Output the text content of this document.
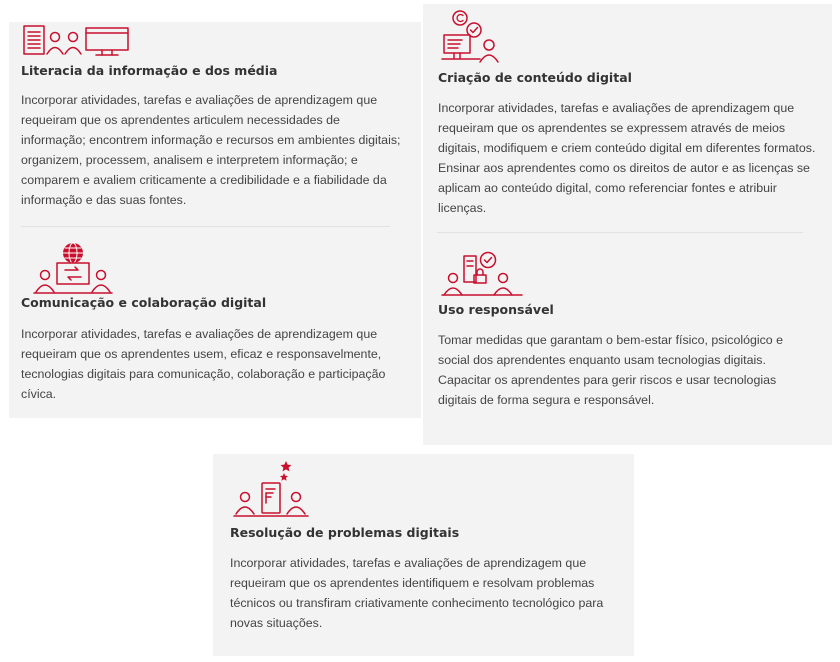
Literacia da informação e dos média
Incorporar atividades, tarefas e avaliações de aprendizagem que requeiram que os aprendentes articulem necessidades de informação; encontrem informação e recursos em ambientes digitais; organizem, processem, analisem e interpretem informação; e comparem e avaliem criticamente a credibilidade e a fiabilidade da informação e das suas fontes.
Comunicação e colaboração digital
Incorporar atividades, tarefas e avaliações de aprendizagem que requeiram que os aprendentes usem, eficaz e responsavelmente, tecnologias digitais para comunicação, colaboração e participação cívica.
Criação de conteúdo digital
Incorporar atividades, tarefas e avaliações de aprendizagem que requeiram que os aprendentes se expressem através de meios digitais, modifiquem e criem conteúdo digital em diferentes formatos. Ensinar aos aprendentes como os direitos de autor e as licenças se aplicam ao conteúdo digital, como referenciar fontes e atribuir licenças.
Uso responsável
Tomar medidas que garantam o bem-estar físico, psicológico e social dos aprendentes enquanto usam tecnologias digitais. Capacitar os aprendentes para gerir riscos e usar tecnologias digitais de forma segura e responsável.
Resolução de problemas digitais
Incorporar atividades, tarefas e avaliações de aprendizagem que requeiram que os aprendentes identifiquem e resolvam problemas técnicos ou transfiram criativamente conhecimento tecnológico para novas situações.
